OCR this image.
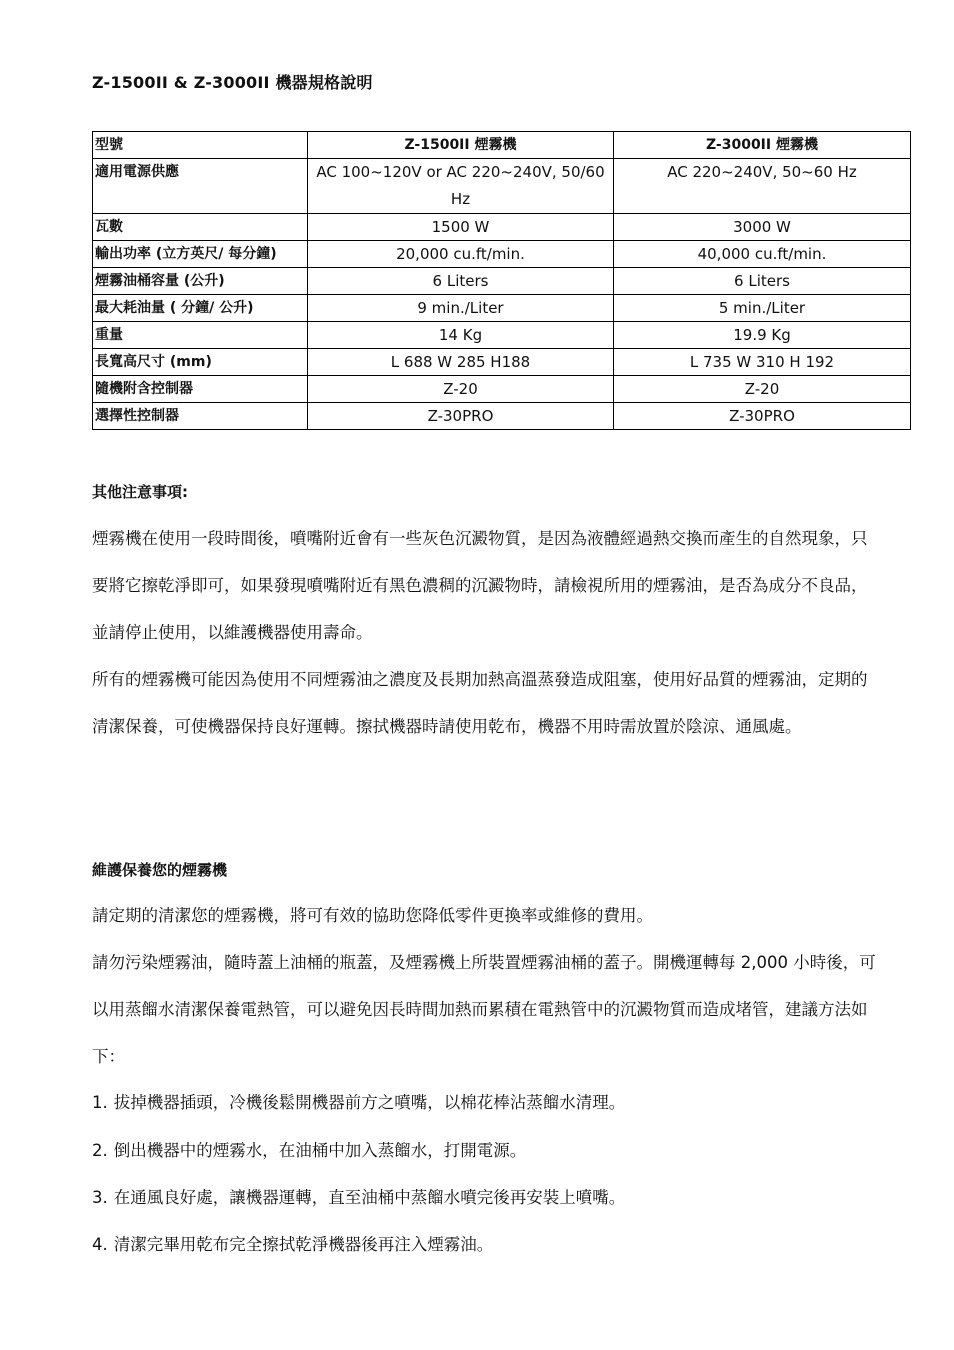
Z-1500II & Z-3000II 機器規格說明
型號	Z-1500II 煙霧機	Z-3000II 煙霧機
適用電源供應	AC 100~120V or AC 220~240V, 50/60 Hz	AC 220~240V, 50~60 Hz
瓦數	1500 W	3000 W
輸出功率 (立方英尺/ 每分鐘)	20,000 cu.ft/min.	40,000 cu.ft/min.
煙霧油桶容量 (公升)	6 Liters	6 Liters
最大耗油量 ( 分鐘/ 公升)	9 min./Liter	5 min./Liter
重量	14 Kg	19.9 Kg
長寬高尺寸 (mm)	L 688 W 285 H188	L 735 W 310 H 192
隨機附含控制器	Z-20	Z-20
選擇性控制器	Z-30PRO	Z-30PRO
其他注意事項:

煙霧機在使用一段時間後，噴嘴附近會有一些灰色沉澱物質，是因為液體經過熱交換而產生的自然現象，只要將它擦乾淨即可，如果發現噴嘴附近有黑色濃稠的沉澱物時，請檢視所用的煙霧油，是否為成分不良品，並請停止使用，以維護機器使用壽命。

所有的煙霧機可能因為使用不同煙霧油之濃度及長期加熱高溫蒸發造成阻塞，使用好品質的煙霧油，定期的清潔保養，可使機器保持良好運轉。擦拭機器時請使用乾布，機器不用時需放置於陰涼、通風處。

維護保養您的煙霧機

請定期的清潔您的煙霧機，將可有效的協助您降低零件更換率或維修的費用。

請勿污染煙霧油，隨時蓋上油桶的瓶蓋，及煙霧機上所裝置煙霧油桶的蓋子。開機運轉每 2,000 小時後，可以用蒸餾水清潔保養電熱管，可以避免因長時間加熱而累積在電熱管中的沉澱物質而造成堵管，建議方法如下：

1. 拔掉機器插頭，冷機後鬆開機器前方之噴嘴，以棉花棒沾蒸餾水清理。

2. 倒出機器中的煙霧水，在油桶中加入蒸餾水，打開電源。

3. 在通風良好處，讓機器運轉，直至油桶中蒸餾水噴完後再安裝上噴嘴。

4. 清潔完畢用乾布完全擦拭乾淨機器後再注入煙霧油。
